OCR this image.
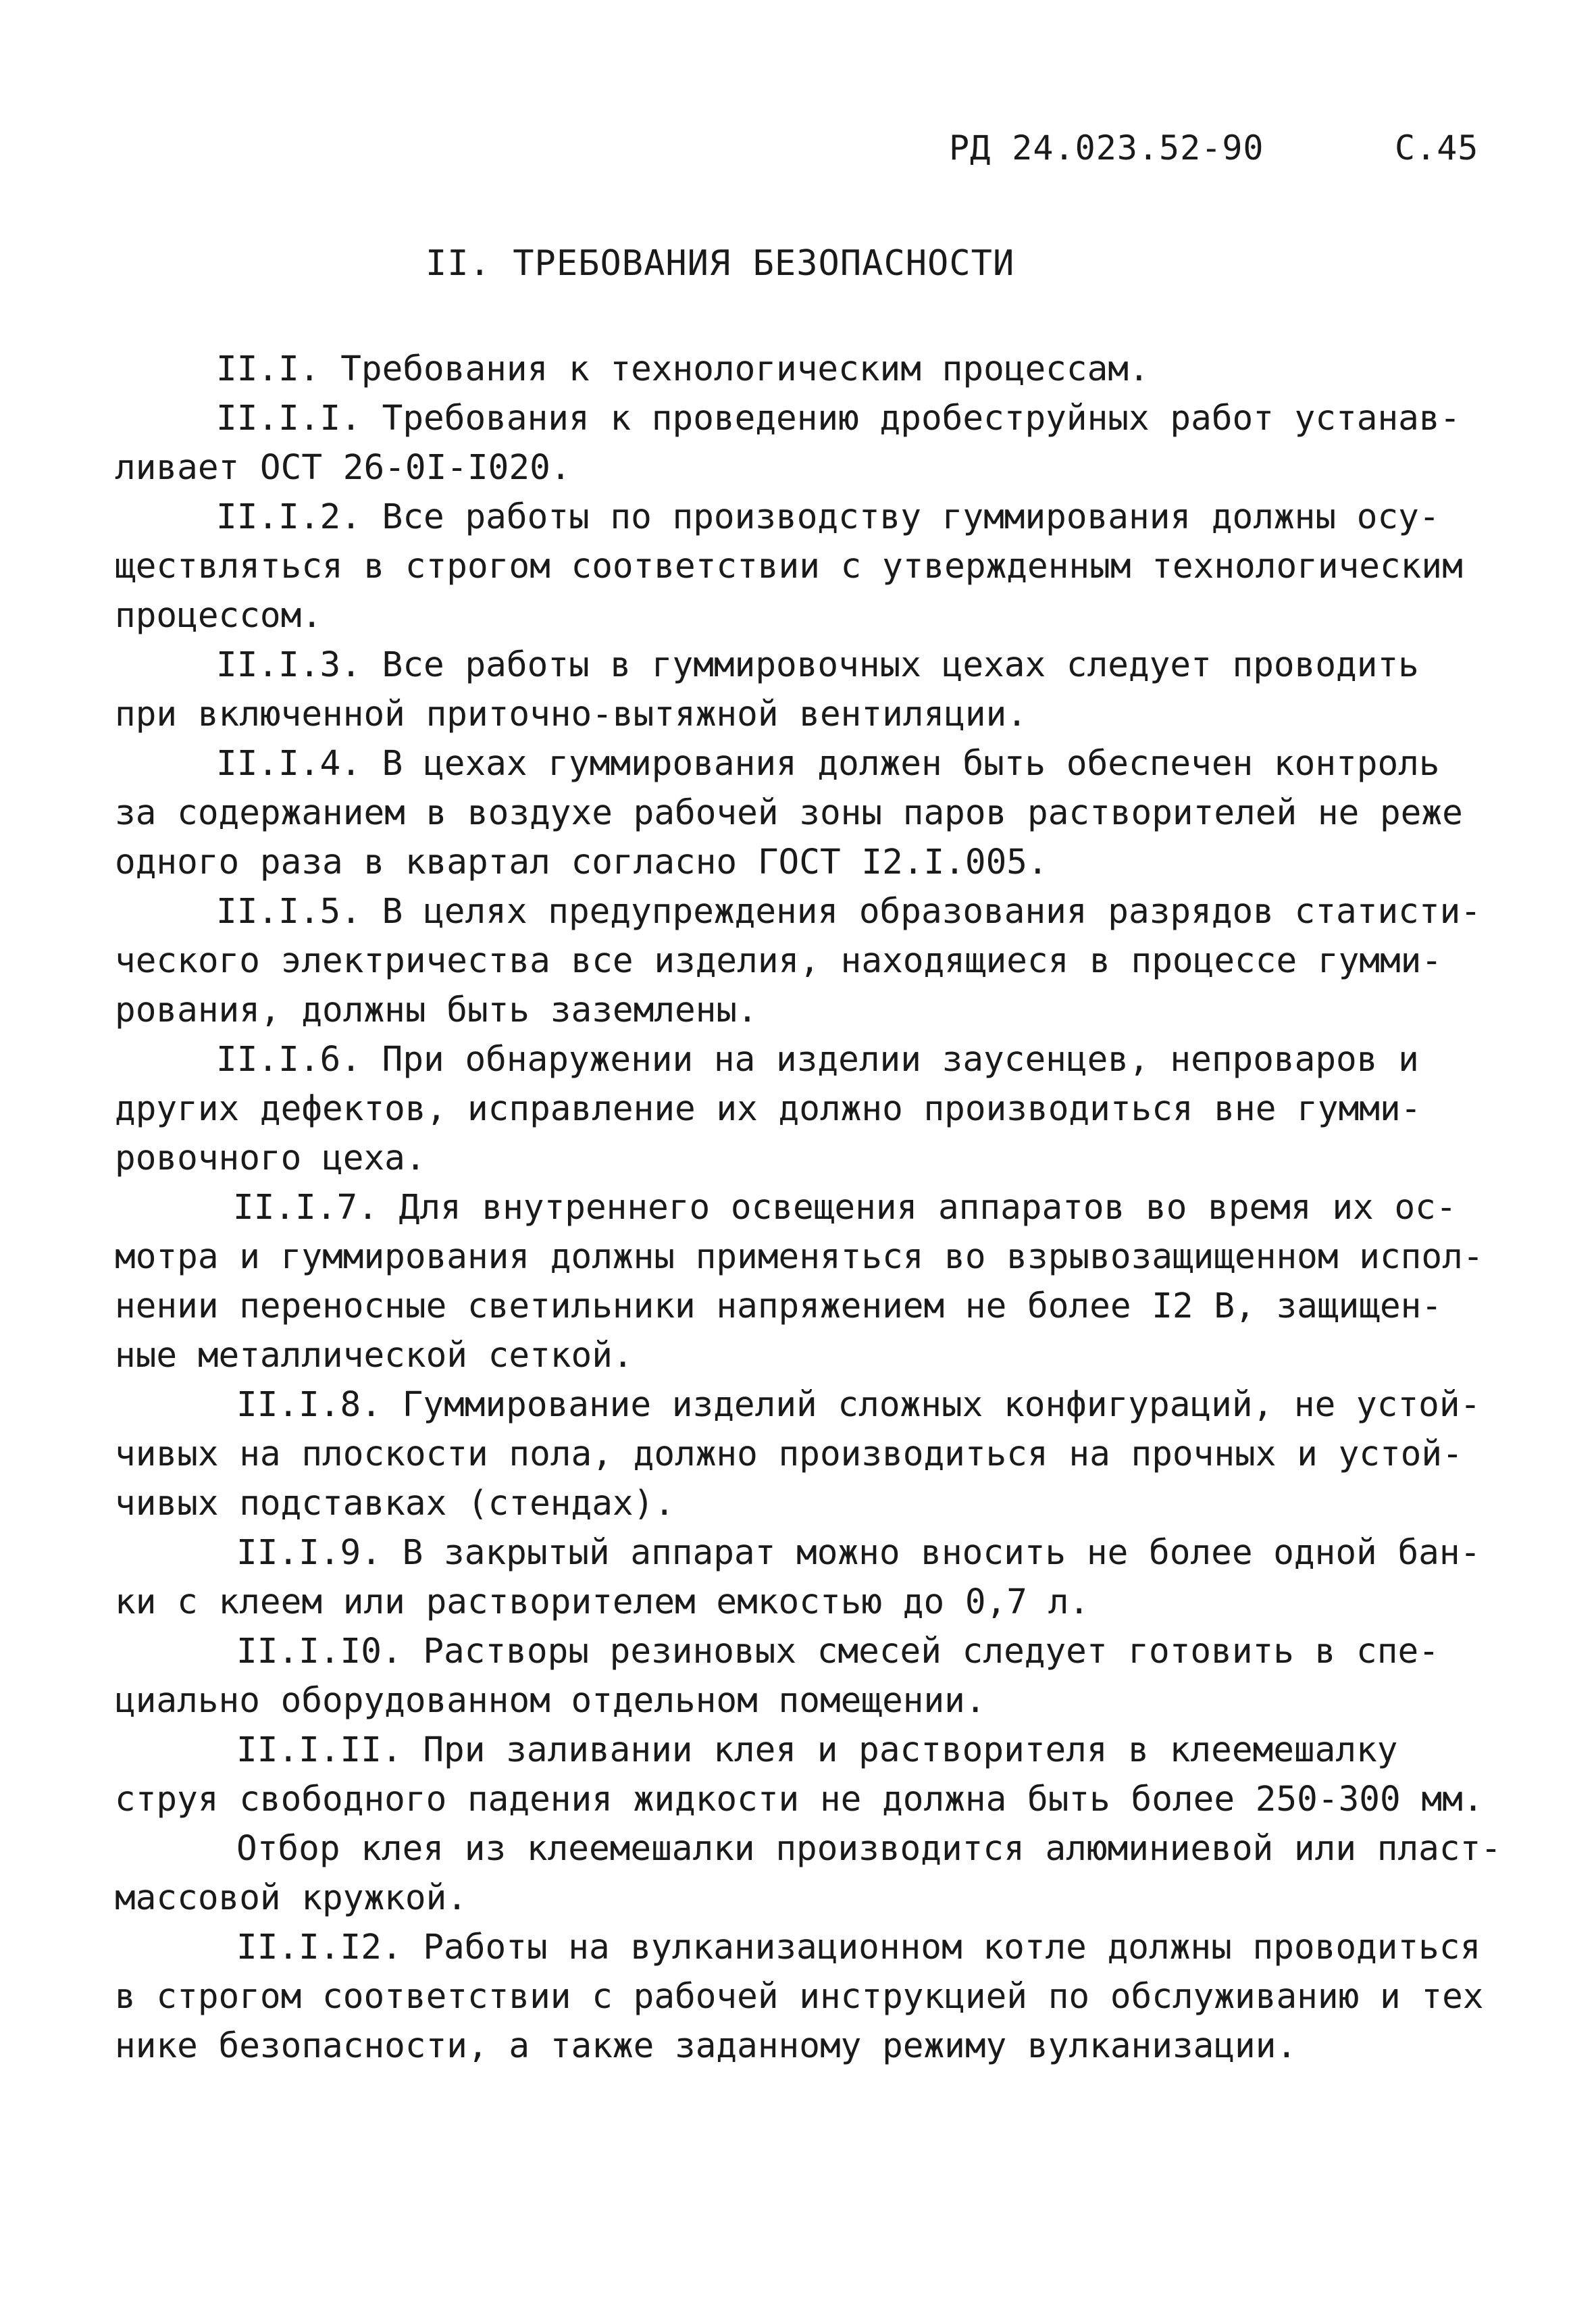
РД 24.023.52-90	С.45
II. ТРЕБОВАНИЯ БЕЗОПАСНОСТИ
II.I. Требования к технологическим процессам.
II.I.I. Требования к проведению дробеструйных работ устанав-
ливает ОСТ 26-0I-I020.
II.I.2. Все работы по производству гуммирования должны осу-
ществляться в строгом соответствии с утвержденным технологическим
процессом.
II.I.3. Все работы в гуммировочных цехах следует проводить
при включенной приточно-вытяжной вентиляции.
II.I.4. В цехах гуммирования должен быть обеспечен контроль
за содержанием в воздухе рабочей зоны паров растворителей не реже
одного раза в квартал согласно ГОСТ I2.I.005.
II.I.5. В целях предупреждения образования разрядов статисти-
ческого электричества все изделия, находящиеся в процессе гумми-
рования, должны быть заземлены.
II.I.6. При обнаружении на изделии заусенцев, непроваров и
других дефектов, исправление их должно производиться вне гумми-
ровочного цеха.
II.I.7. Для внутреннего освещения аппаратов во время их ос-
мотра и гуммирования должны применяться во взрывозащищенном испол-
нении переносные светильники напряжением не более I2 В, защищен-
ные металлической сеткой.
II.I.8. Гуммирование изделий сложных конфигураций, не устой-
чивых на плоскости пола, должно производиться на прочных и устой-
чивых подставках (стендах).
II.I.9. В закрытый аппарат можно вносить не более одной бан-
ки с клеем или растворителем емкостью до 0,7 л.
II.I.I0. Растворы резиновых смесей следует готовить в спе-
циально оборудованном отдельном помещении.
II.I.II. При заливании клея и растворителя в клеемешалку
струя свободного падения жидкости не должна быть более 250-300 мм.
Отбор клея из клеемешалки производится алюминиевой или пласт-
массовой кружкой.
II.I.I2. Работы на вулканизационном котле должны проводиться
в строгом соответствии с рабочей инструкцией по обслуживанию и тех
нике безопасности, а также заданному режиму вулканизации.
